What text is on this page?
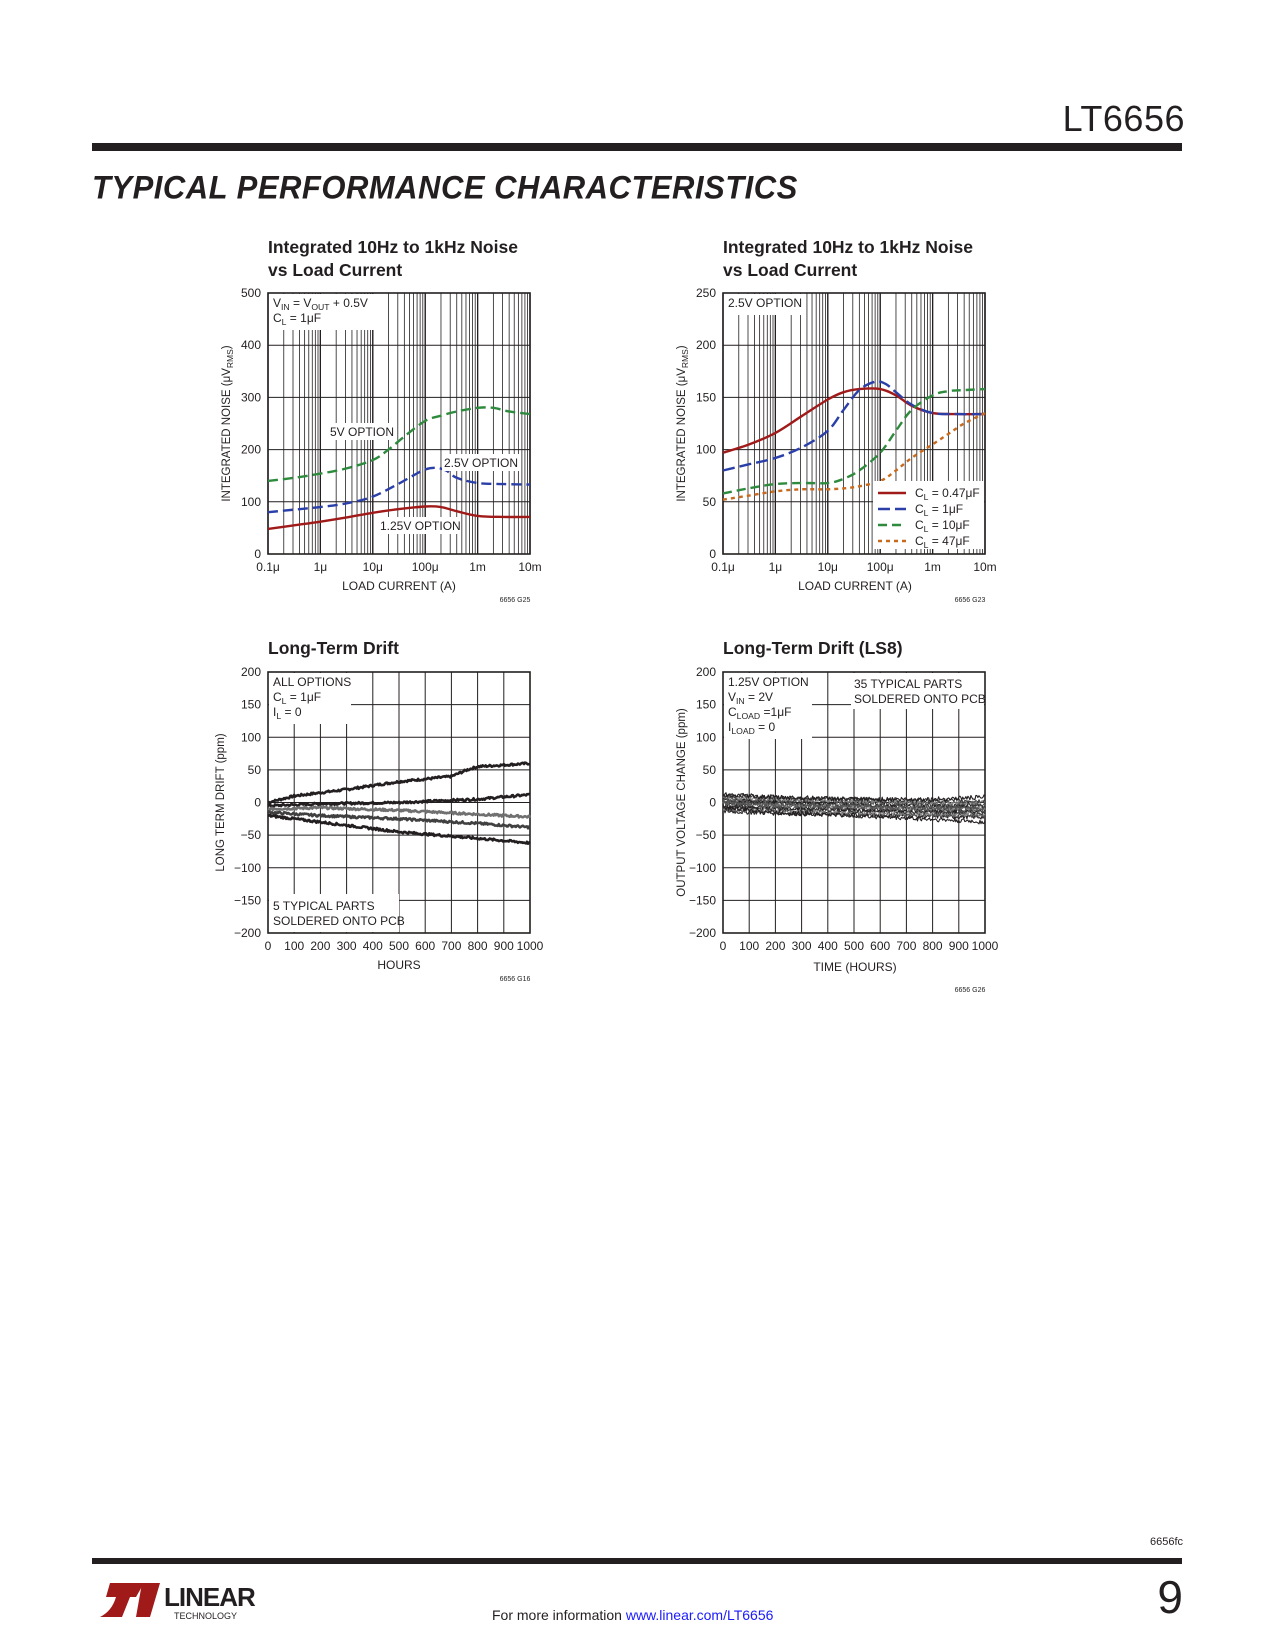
LT6656
TYPICAL PERFORMANCE CHARACTERISTICS
Integrated 10Hz to 1kHz Noise
vs Load Current
Integrated 10Hz to 1kHz Noise
vs Load Current
Long-Term Drift	Long-Term Drift (LS8)
0
100
200
300
400
500
0.1μ	1μ	10μ 100μ	1m	10m
$V_{IN} = V_{OUT} + 0.5V$
$C_L = 1\mu F$
LOAD CURRENT (A)
INTEGRATED NOISE $(\mu V_{RMS})$
6656 G25
0
50
100
150
200
250
0.1μ	1μ	10μ 100μ	1m	10m
2.5V OPTION
LOAD CURRENT (A)
INTEGRATED NOISE $(\mu V_{RMS})$
6656 G23
−200
−150
−100
−50
0
50
100
150
200
0 100 200 300 400 500 600 700 800 900 1000
ALL OPTIONS
$C_L = 1\mu F$
$I_L = 0$
HOURS
LONG TERM DRIFT (ppm)
6656 G16
−200
−150
−100
−50
0
50
100
150
200
0 100 200 300 400 500 600 700 800 900 1000
1.25V OPTION
$V_{IN} = 2V$
$C_{LOAD} =1\mu F$
$I_{LOAD} = 0$
TIME (HOURS)
OUTPUT VOLTAGE CHANGE (ppm)
6656 G26
5V OPTION
2.5V OPTION
1.25V OPTION
$C_L = 0.47\mu F$
$C_L = 1\mu F$
$C_L = 10\mu F$
$C_L = 47\mu F$
5 TYPICAL PARTS
SOLDERED ONTO PCB
35 TYPICAL PARTS
SOLDERED ONTO PCB
6656fc
9
For more information www.linear.com/LT6656
LINEAR
TECHNOLOGY
